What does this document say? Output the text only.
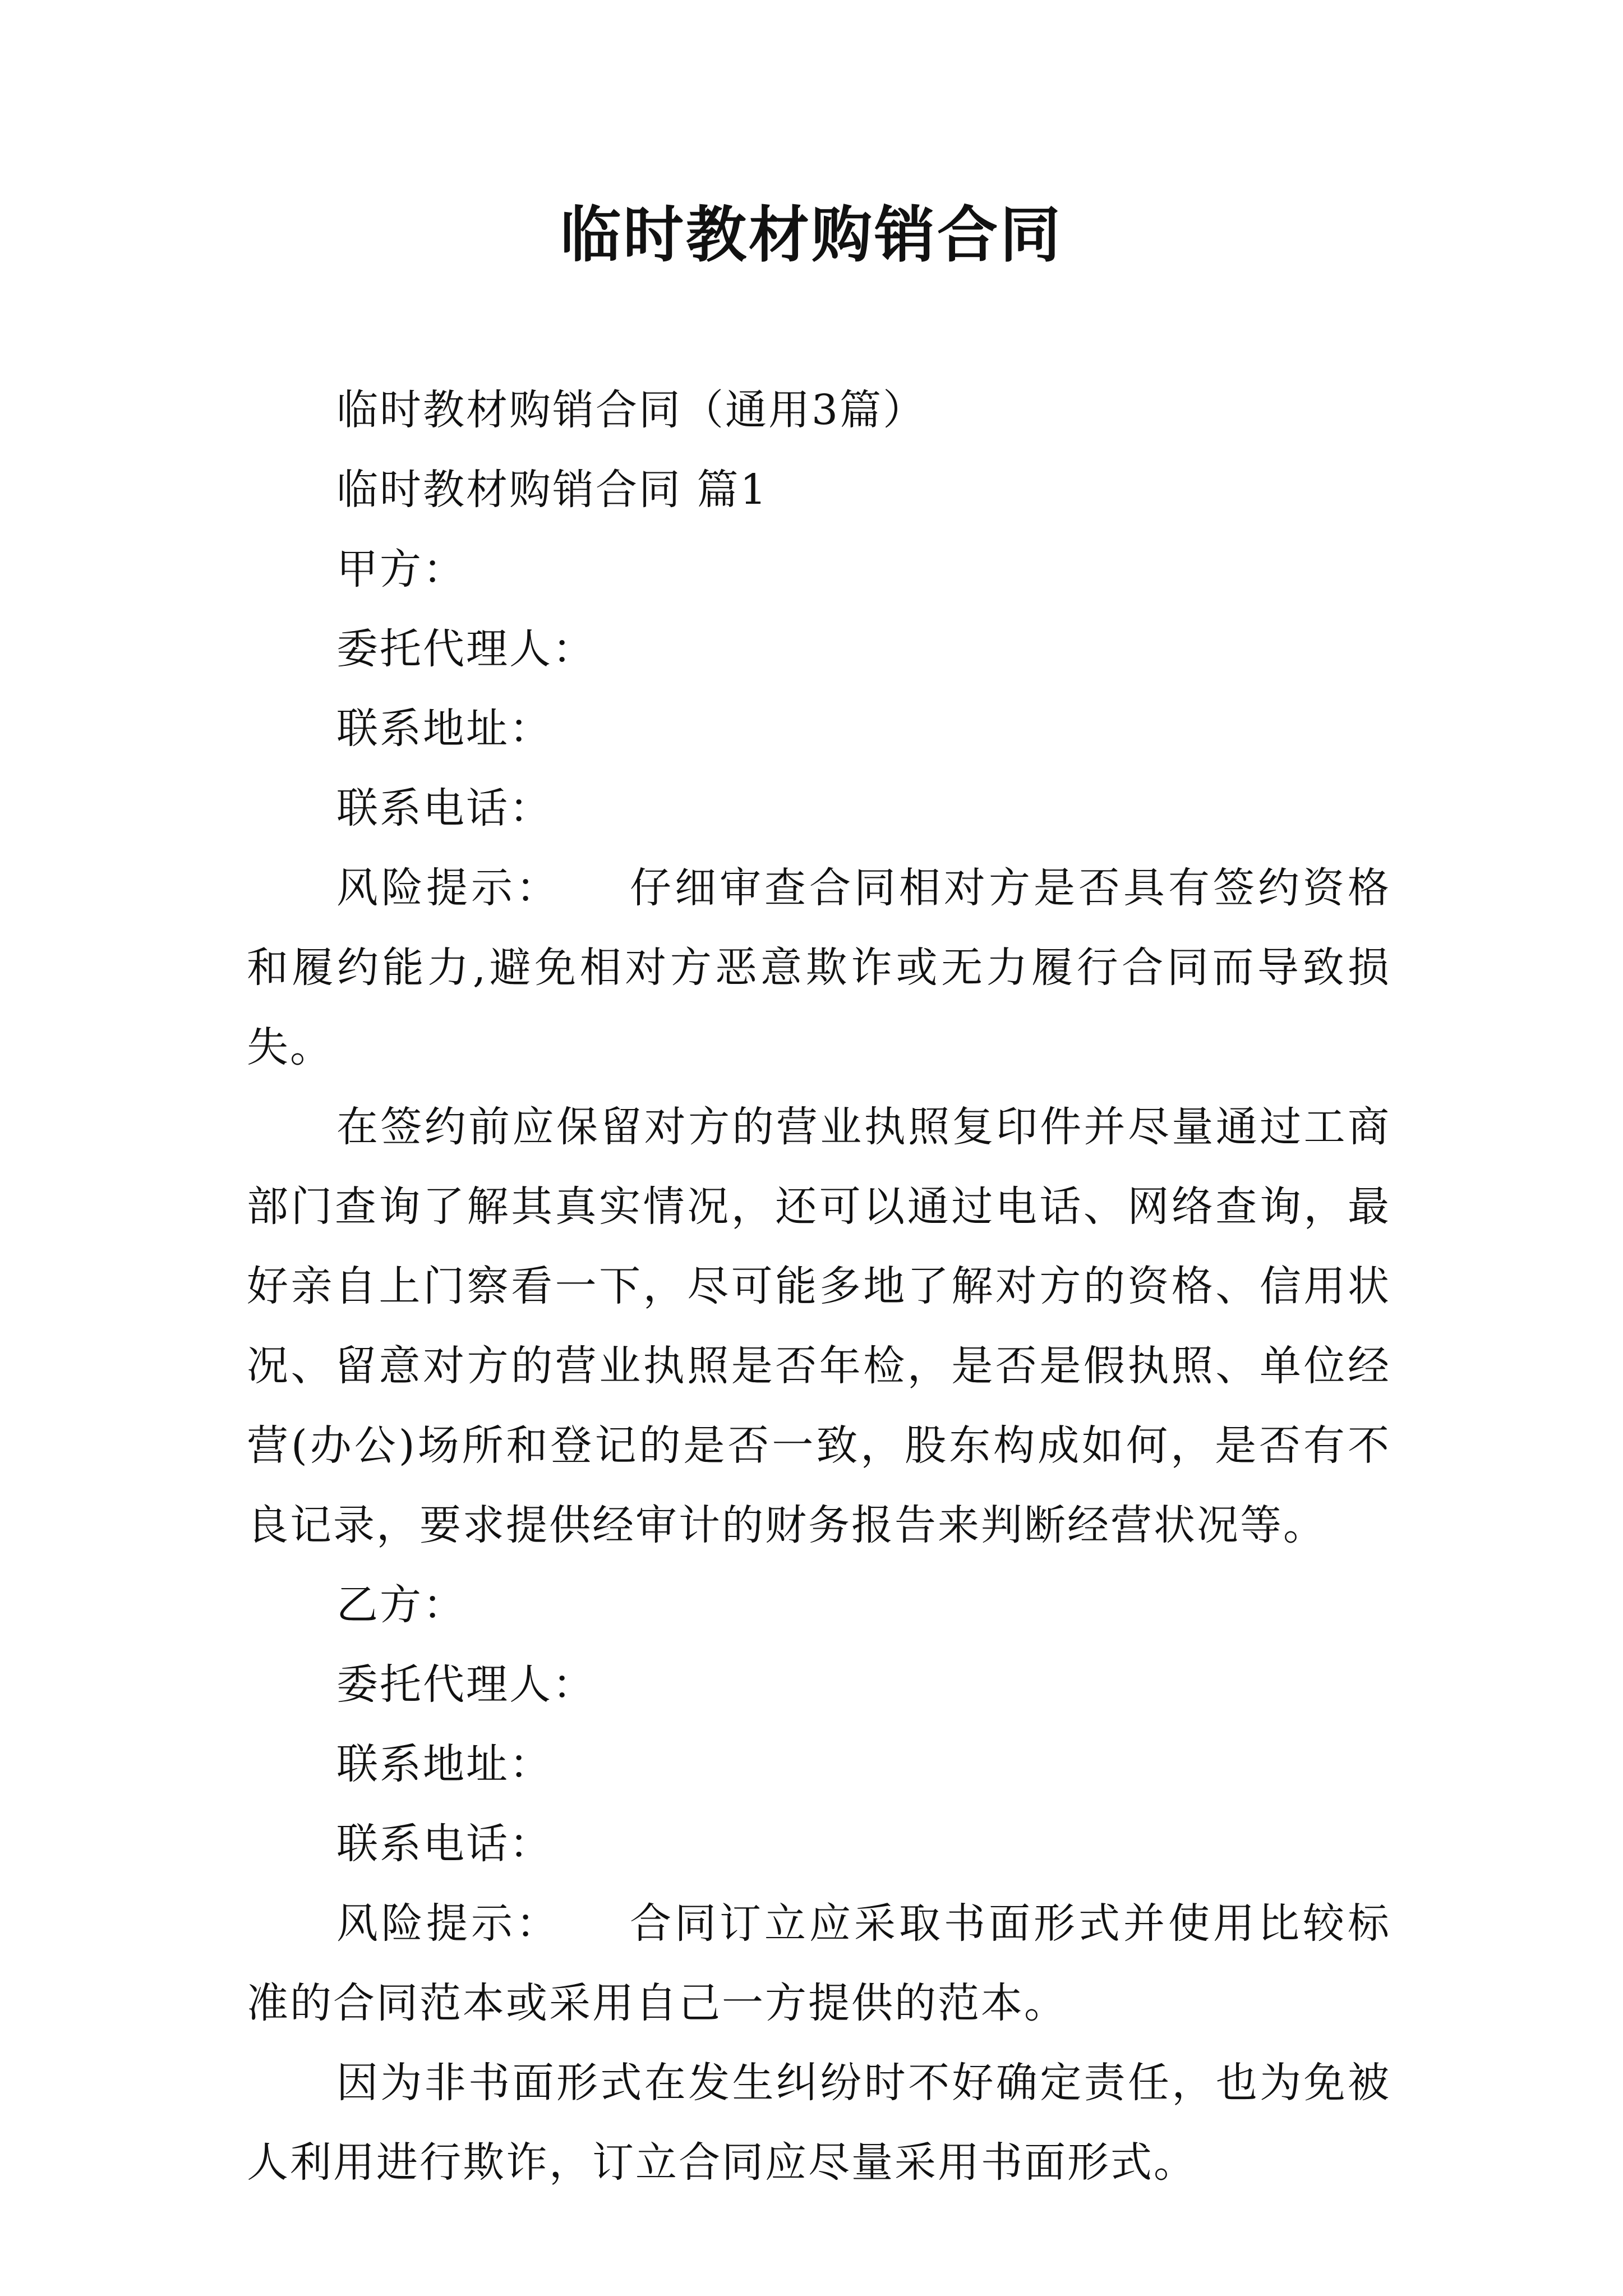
临时教材购销合同

临时教材购销合同（通用3篇）

临时教材购销合同 篇1

甲方：

委托代理人：

联系地址：

联系电话：

风险提示：　　仔细审查合同相对方是否具有签约资格和履约能力,避免相对方恶意欺诈或无力履行合同而导致损失。

在签约前应保留对方的营业执照复印件并尽量通过工商部门查询了解其真实情况，还可以通过电话、网络查询，最好亲自上门察看一下，尽可能多地了解对方的资格、信用状况、留意对方的营业执照是否年检，是否是假执照、单位经营(办公)场所和登记的是否一致，股东构成如何，是否有不良记录，要求提供经审计的财务报告来判断经营状况等。

乙方：

委托代理人：

联系地址：

联系电话：

风险提示：　　合同订立应采取书面形式并使用比较标准的合同范本或采用自己一方提供的范本。

因为非书面形式在发生纠纷时不好确定责任，也为免被人利用进行欺诈，订立合同应尽量采用书面形式。
